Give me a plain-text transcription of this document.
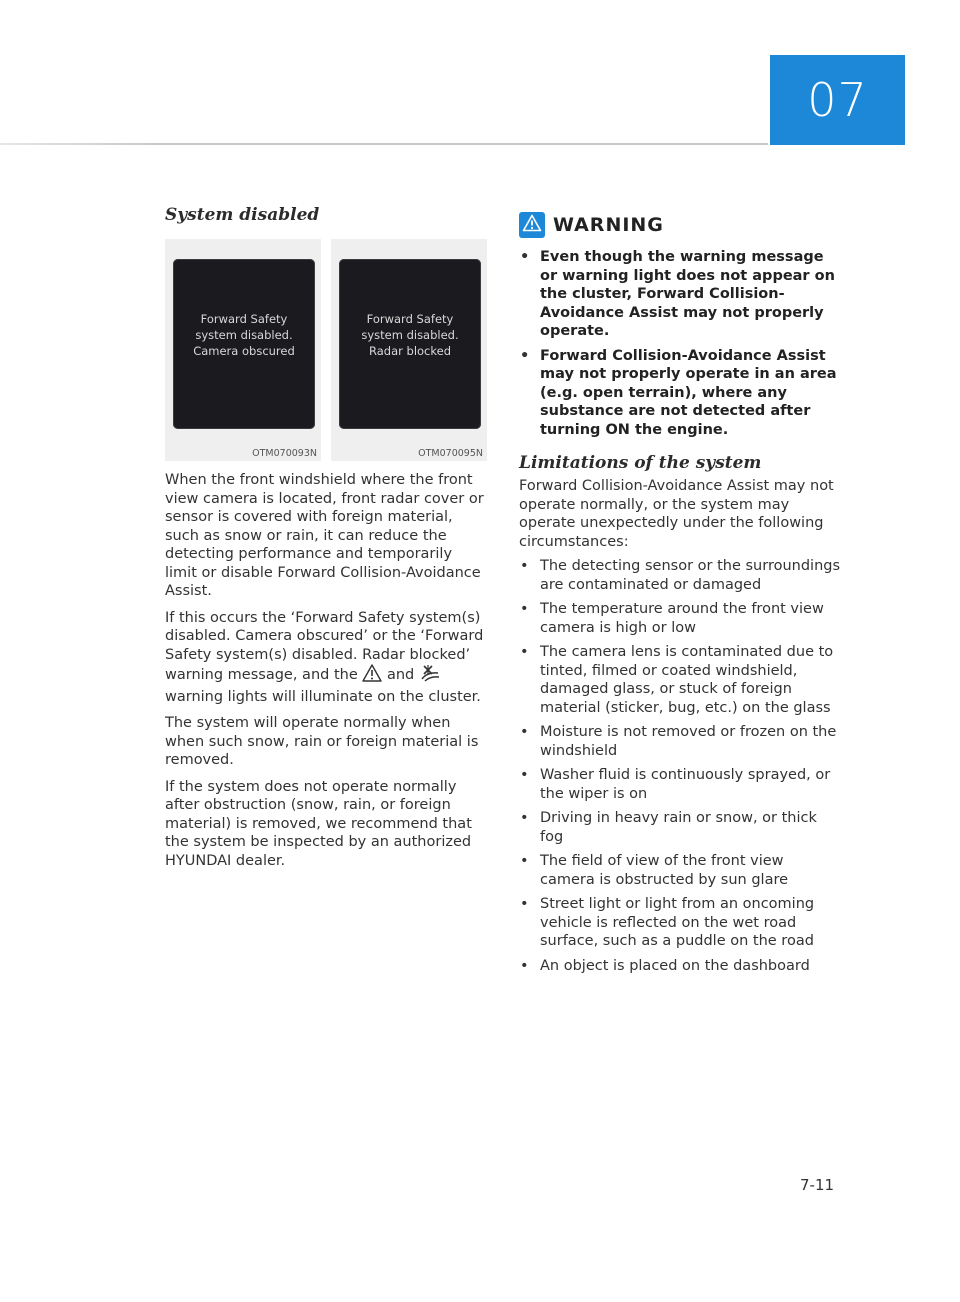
07
System disabled
Forward Safety system disabled. Camera obscured
OTM070093N
Forward Safety system disabled. Radar blocked
OTM070095N

When the front windshield where the front view camera is located, front radar cover or sensor is covered with foreign material, such as snow or rain, it can reduce the detecting performance and temporarily limit or disable Forward Collision-Avoidance Assist.

If this occurs the ‘Forward Safety system(s) disabled. Camera obscured’ or the ‘Forward Safety system(s) disabled. Radar blocked’ warning message, and the and  warning lights will illuminate on the cluster.

The system will operate normally when when such snow, rain or foreign material is removed.

If the system does not operate normally after obstruction (snow, rain, or foreign material) is removed, we recommend that the system be inspected by an authorized HYUNDAI dealer.

WARNING
• Even though the warning message or warning light does not appear on the cluster, Forward Collision-Avoidance Assist may not properly operate.
• Forward Collision-Avoidance Assist may not properly operate in an area (e.g. open terrain), where any substance are not detected after turning ON the engine.
Limitations of the system

Forward Collision-Avoidance Assist may not operate normally, or the system may operate unexpectedly under the following circumstances:

• The detecting sensor or the surroundings are contaminated or damaged
• The temperature around the front view camera is high or low
• The camera lens is contaminated due to tinted, filmed or coated windshield, damaged glass, or stuck of foreign material (sticker, bug, etc.) on the glass
• Moisture is not removed or frozen on the windshield
• Washer fluid is continuously sprayed, or the wiper is on
• Driving in heavy rain or snow, or thick fog
• The field of view of the front view camera is obstructed by sun glare
• Street light or light from an oncoming vehicle is reflected on the wet road surface, such as a puddle on the road
• An object is placed on the dashboard
7-11
